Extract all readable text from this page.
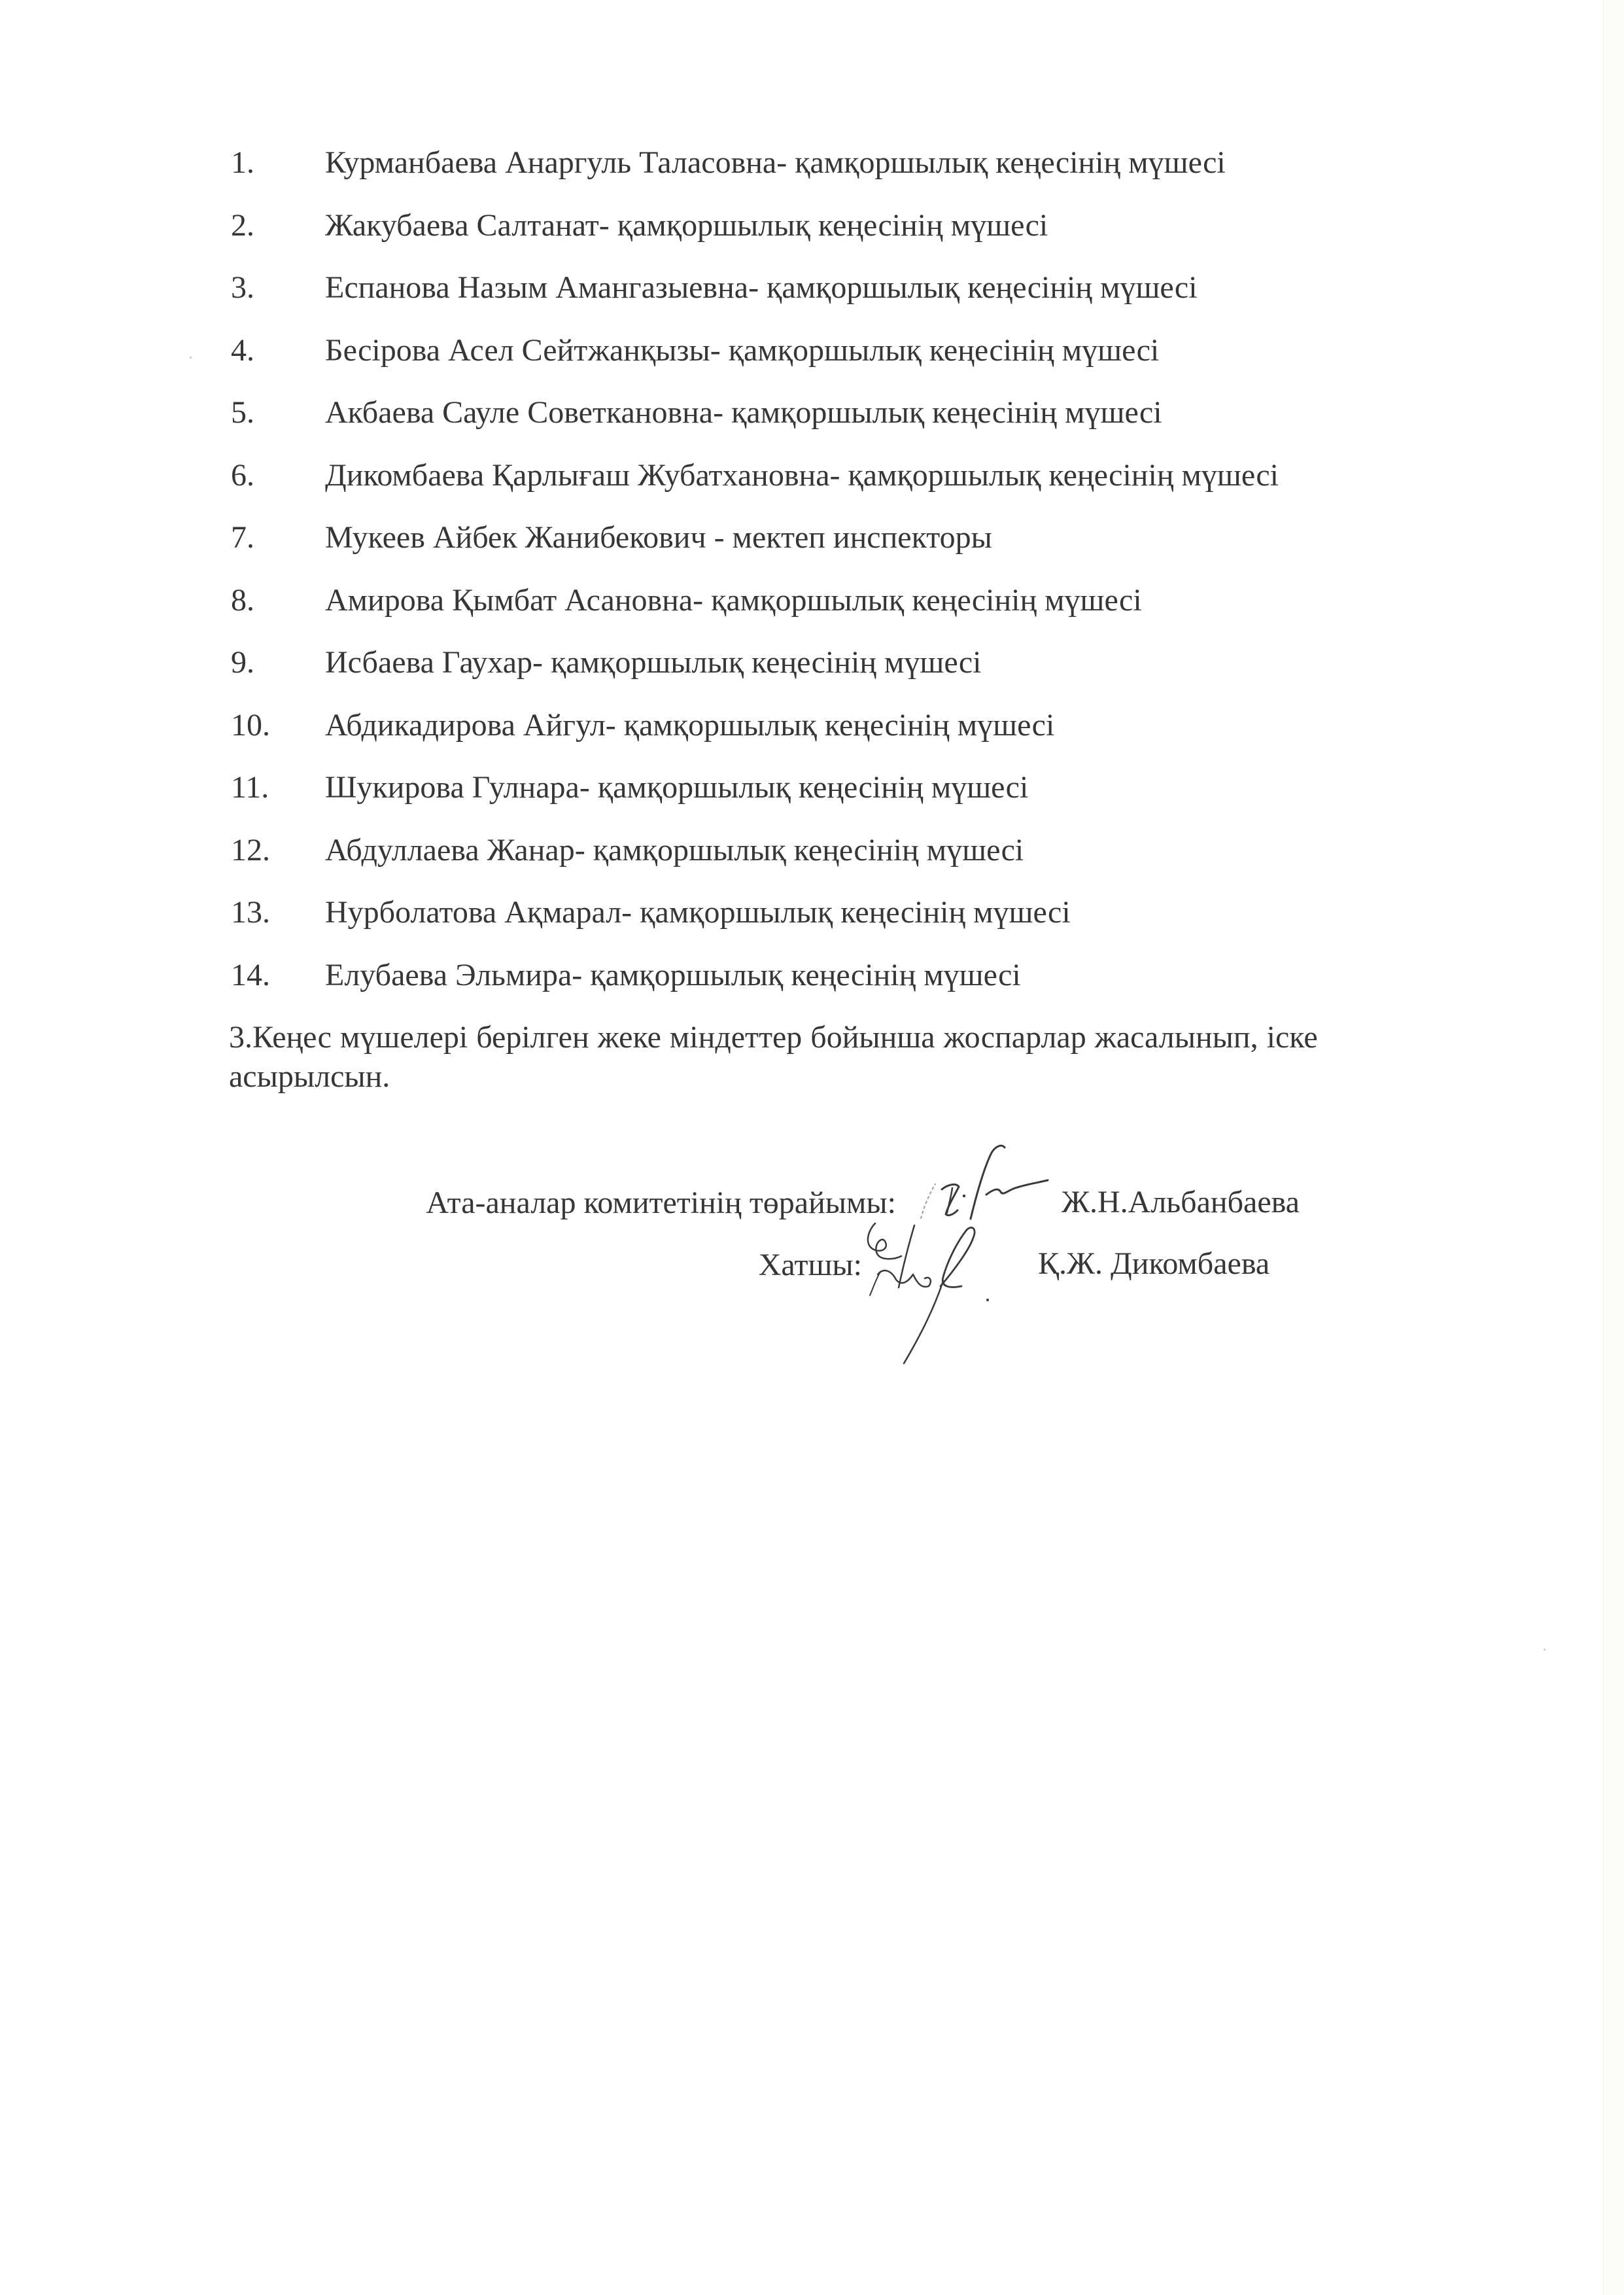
1. Курманбаева Анаргуль Таласовна- қамқоршылық кеңесінің мүшесі
2. Жакубаева Салтанат- қамқоршылық кеңесінің мүшесі
3. Еспанова Назым Амангазыевна- қамқоршылық кеңесінің мүшесі
4. Бесірова Асел Сейтжанқызы- қамқоршылық кеңесінің мүшесі
5. Акбаева Сауле Советкановна- қамқоршылық кеңесінің мүшесі
6. Дикомбаева Қарлығаш Жубатхановна- қамқоршылық кеңесінің мүшесі
7. Мукеев Айбек Жанибекович - мектеп инспекторы
8. Амирова Қымбат Асановна- қамқоршылық кеңесінің мүшесі
9. Исбаева Гаухар- қамқоршылық кеңесінің мүшесі
10. Абдикадирова Айгул- қамқоршылық кеңесінің мүшесі
11. Шукирова Гулнара- қамқоршылық кеңесінің мүшесі
12. Абдуллаева Жанар- қамқоршылық кеңесінің мүшесі
13. Нурболатова Ақмарал- қамқоршылық кеңесінің мүшесі
14. Елубаева Эльмира- қамқоршылық кеңесінің мүшесі
3.Кеңес мүшелері берілген жеке міндеттер бойынша жоспарлар жасалынып, іске
асырылсын.
Ата-аналар комитетінің төрайымы:	Ж.Н.Альбанбаева
Хатшы:	Қ.Ж. Дикомбаева
